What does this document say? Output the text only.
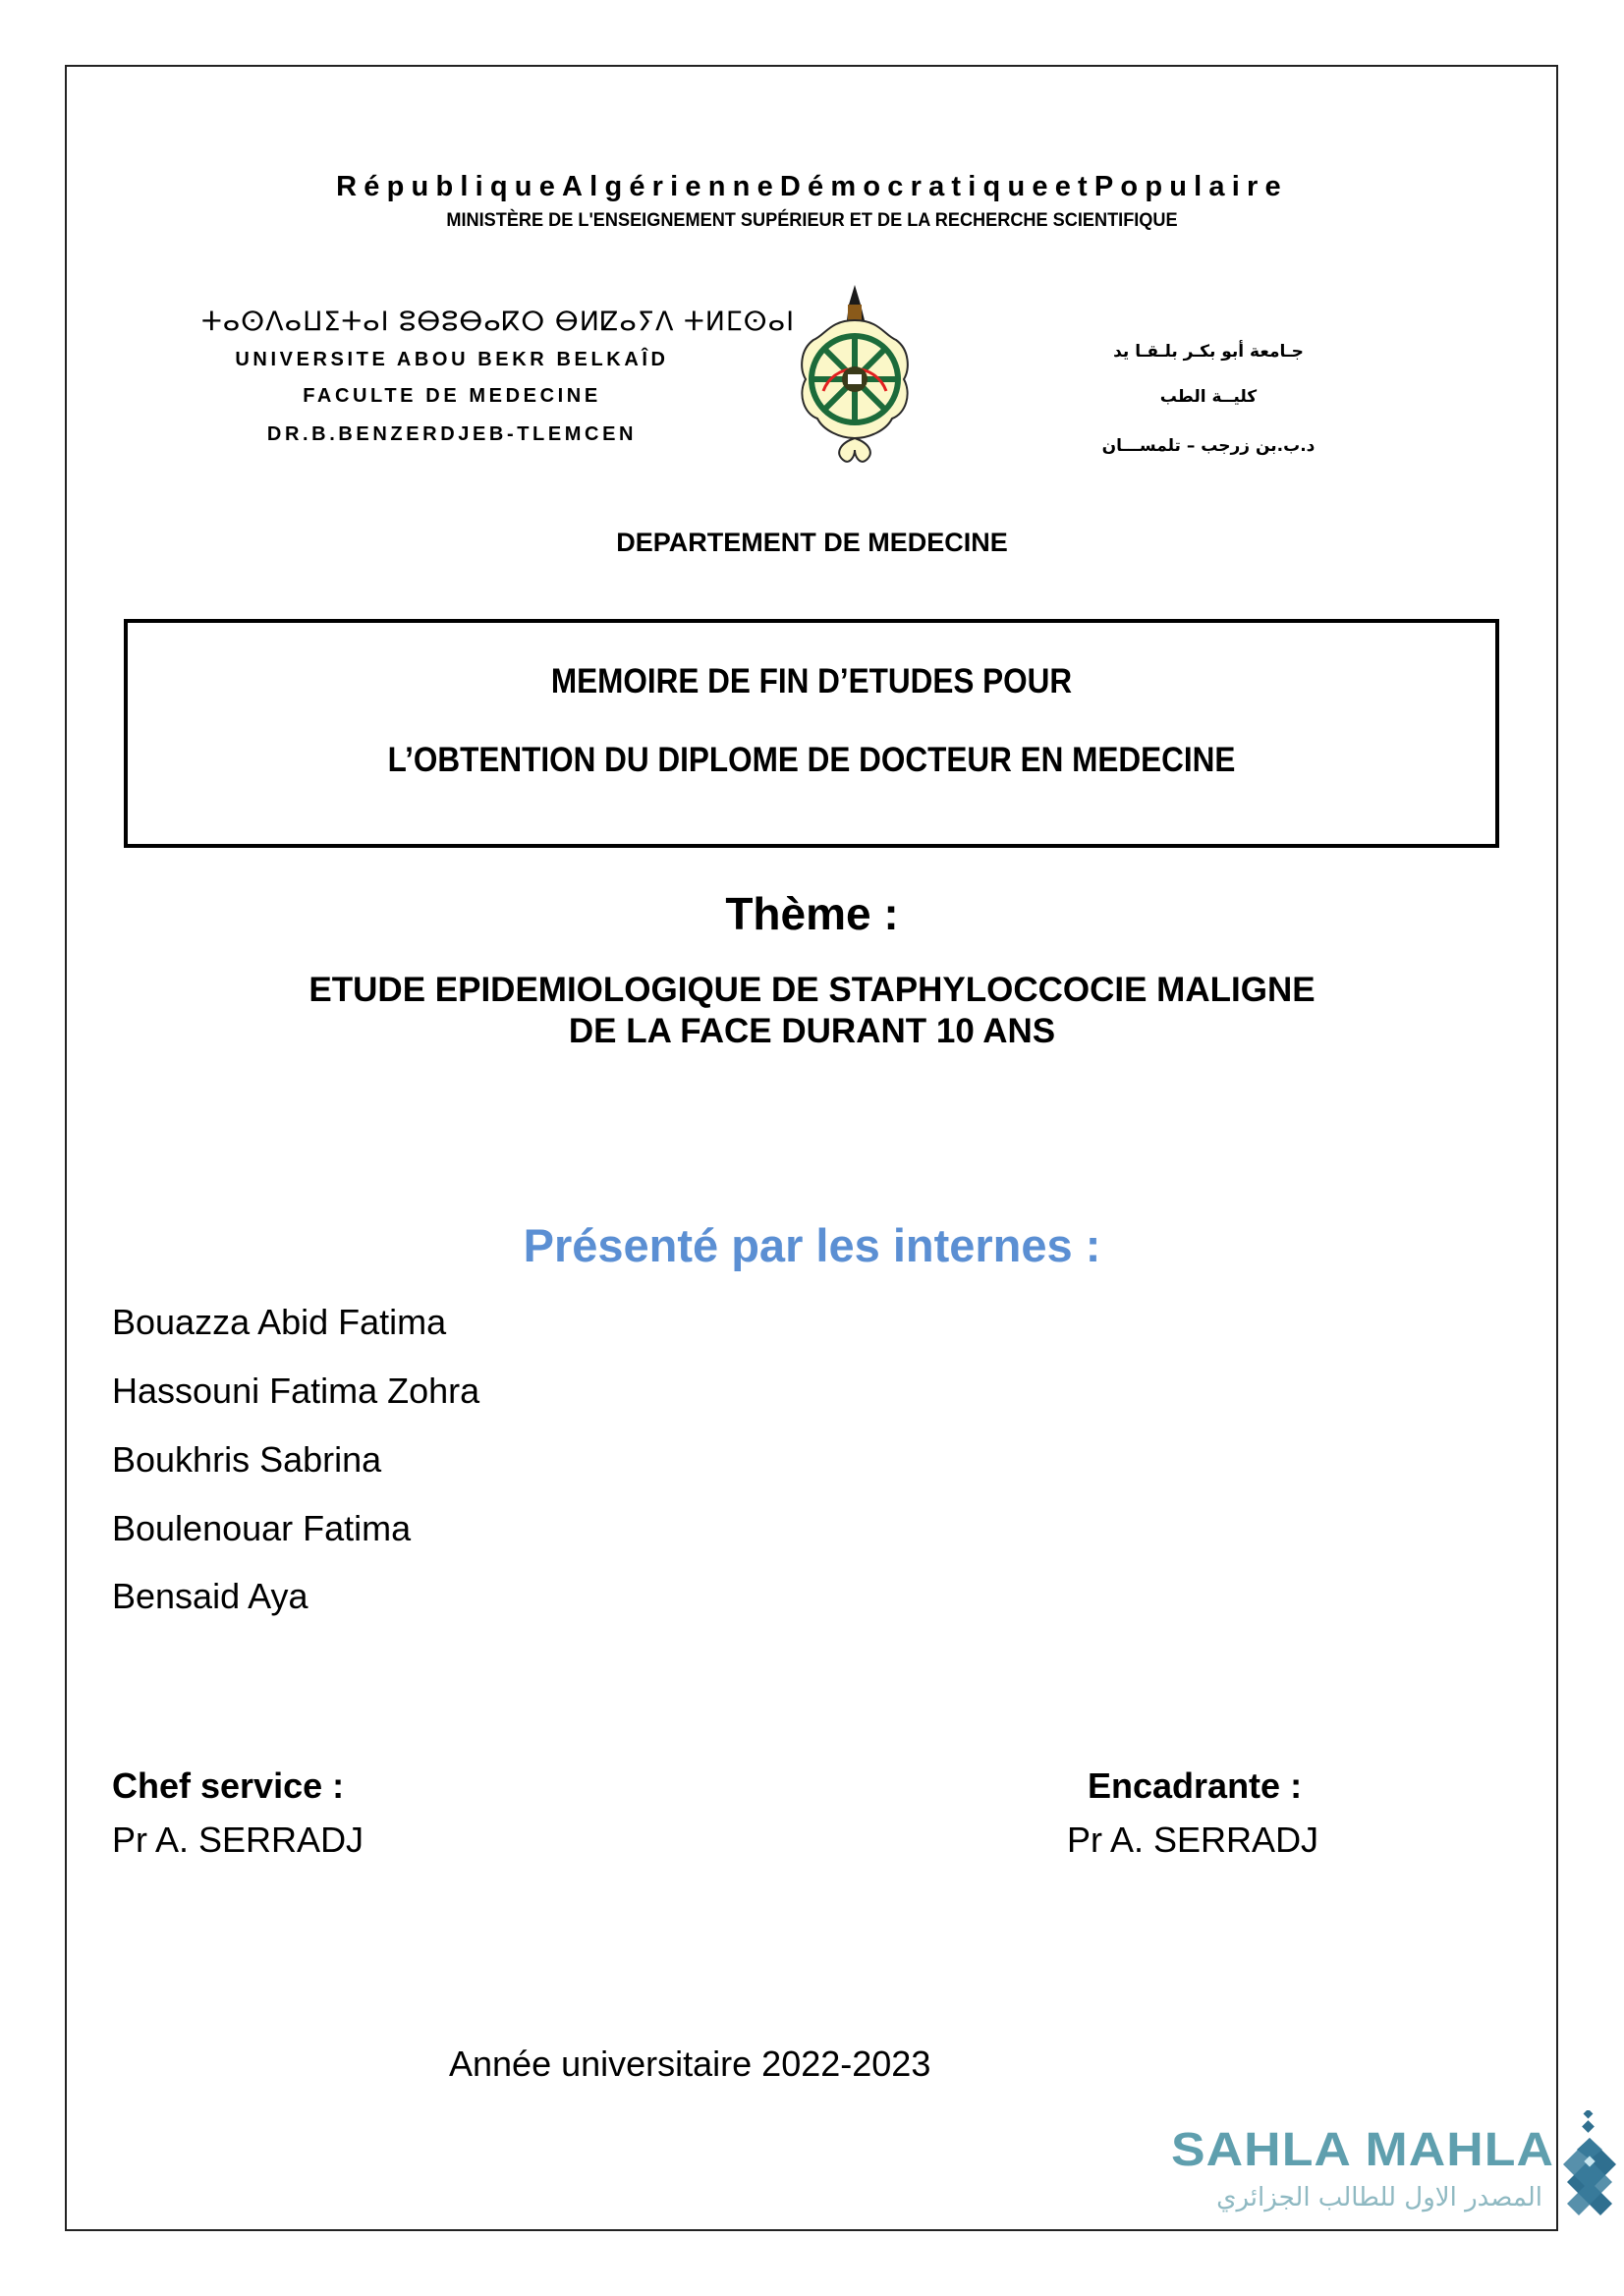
RépubliqueAlgérienneDémocratiqueetPopulaire
MINISTÈRE DE L'ENSEIGNEMENT SUPÉRIEUR ET DE LA RECHERCHE SCIENTIFIQUE
ⵜⴰⵙⴷⴰⵡⵉⵜⴰⵏ ⵓⴱⵓⴱⴰⴽⵔ ⴱⵍⵇⴰⵢⴷ ⵜⵍⵎⵙⴰⵏ
UNIVERSITE ABOU BEKR BELKAÎD
FACULTE DE MEDECINE
DR.B.BENZERDJEB-TLEMCEN
جـامعة أبو بكـر بلـقـا يد
كليــة الطب
د.ب.بن زرجب – تلمســـان
DEPARTEMENT DE MEDECINE
MEMOIRE DE FIN D’ETUDES POUR
L’OBTENTION DU DIPLOME DE DOCTEUR EN MEDECINE
Thème :
ETUDE EPIDEMIOLOGIQUE DE STAPHYLOCCOCIE MALIGNE
DE LA FACE DURANT 10 ANS
Présenté par les internes :
Bouazza Abid Fatima
Hassouni Fatima Zohra
Boukhris Sabrina
Boulenouar Fatima
Bensaid Aya
Chef service :
Pr A. SERRADJ
Encadrante :
Pr A. SERRADJ
Année universitaire 2022-2023
SAHLA MAHLA
المصدر الاول للطالب الجزائري
